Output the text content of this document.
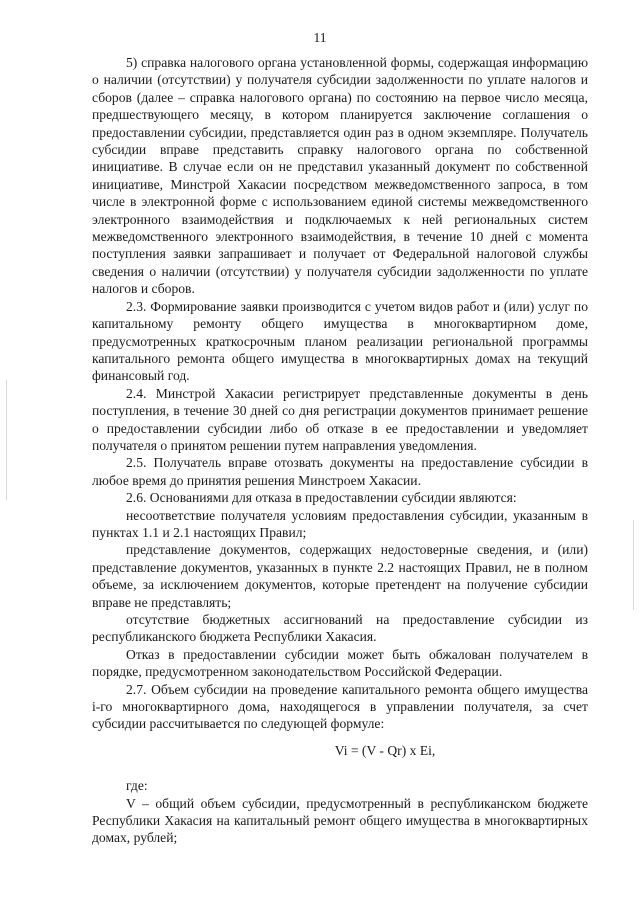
11

5) справка налогового органа установленной формы, содержащая информацию о наличии (отсутствии) у получателя субсидии задолженности по уплате налогов и сборов (далее – справка налогового органа) по состоянию на первое число месяца, предшествующего месяцу, в котором планируется заключение соглашения о предоставлении субсидии, представляется один раз в одном экземпляре. Получатель субсидии вправе представить справку налогового органа по собственной инициативе. В случае если он не представил указанный документ по собственной инициативе, Минстрой Хакасии посредством межведомственного запроса, в том числе в электронной форме с использованием единой системы межведомственного электронного взаимодействия и подключаемых к ней региональных систем межведомственного электронного взаимодействия, в течение 10 дней с момента поступления заявки запрашивает и получает от Федеральной налоговой службы сведения о наличии (отсутствии) у получателя субсидии задолженности по уплате налогов и сборов.

2.3. Формирование заявки производится с учетом видов работ и (или) услуг по капитальному ремонту общего имущества в многоквартирном доме, предусмотренных краткосрочным планом реализации региональной программы капитального ремонта общего имущества в многоквартирных домах на текущий финансовый год.

2.4. Минстрой Хакасии регистрирует представленные документы в день поступления, в течение 30 дней со дня регистрации документов принимает решение о предоставлении субсидии либо об отказе в ее предоставлении и уведомляет получателя о принятом решении путем направления уведомления.

2.5. Получатель вправе отозвать документы на предоставление субсидии в любое время до принятия решения Минстроем Хакасии.

2.6. Основаниями для отказа в предоставлении субсидии являются:

несоответствие получателя условиям предоставления субсидии, указанным в пунктах 1.1 и 2.1 настоящих Правил;

представление документов, содержащих недостоверные сведения, и (или) представление документов, указанных в пункте 2.2 настоящих Правил, не в полном объеме, за исключением документов, которые претендент на получение субсидии вправе не представлять;

отсутствие бюджетных ассигнований на предоставление субсидии из республиканского бюджета Республики Хакасия.

Отказ в предоставлении субсидии может быть обжалован получателем в порядке, предусмотренном законодательством Российской Федерации.

2.7. Объем субсидии на проведение капитального ремонта общего имущества i-го многоквартирного дома, находящегося в управлении получателя, за счет субсидии рассчитывается по следующей формуле:

Vi = (V - Qr) x Ei,

где:

V – общий объем субсидии, предусмотренный в республиканском бюджете Республики Хакасия на капитальный ремонт общего имущества в многоквартирных домах, рублей;
